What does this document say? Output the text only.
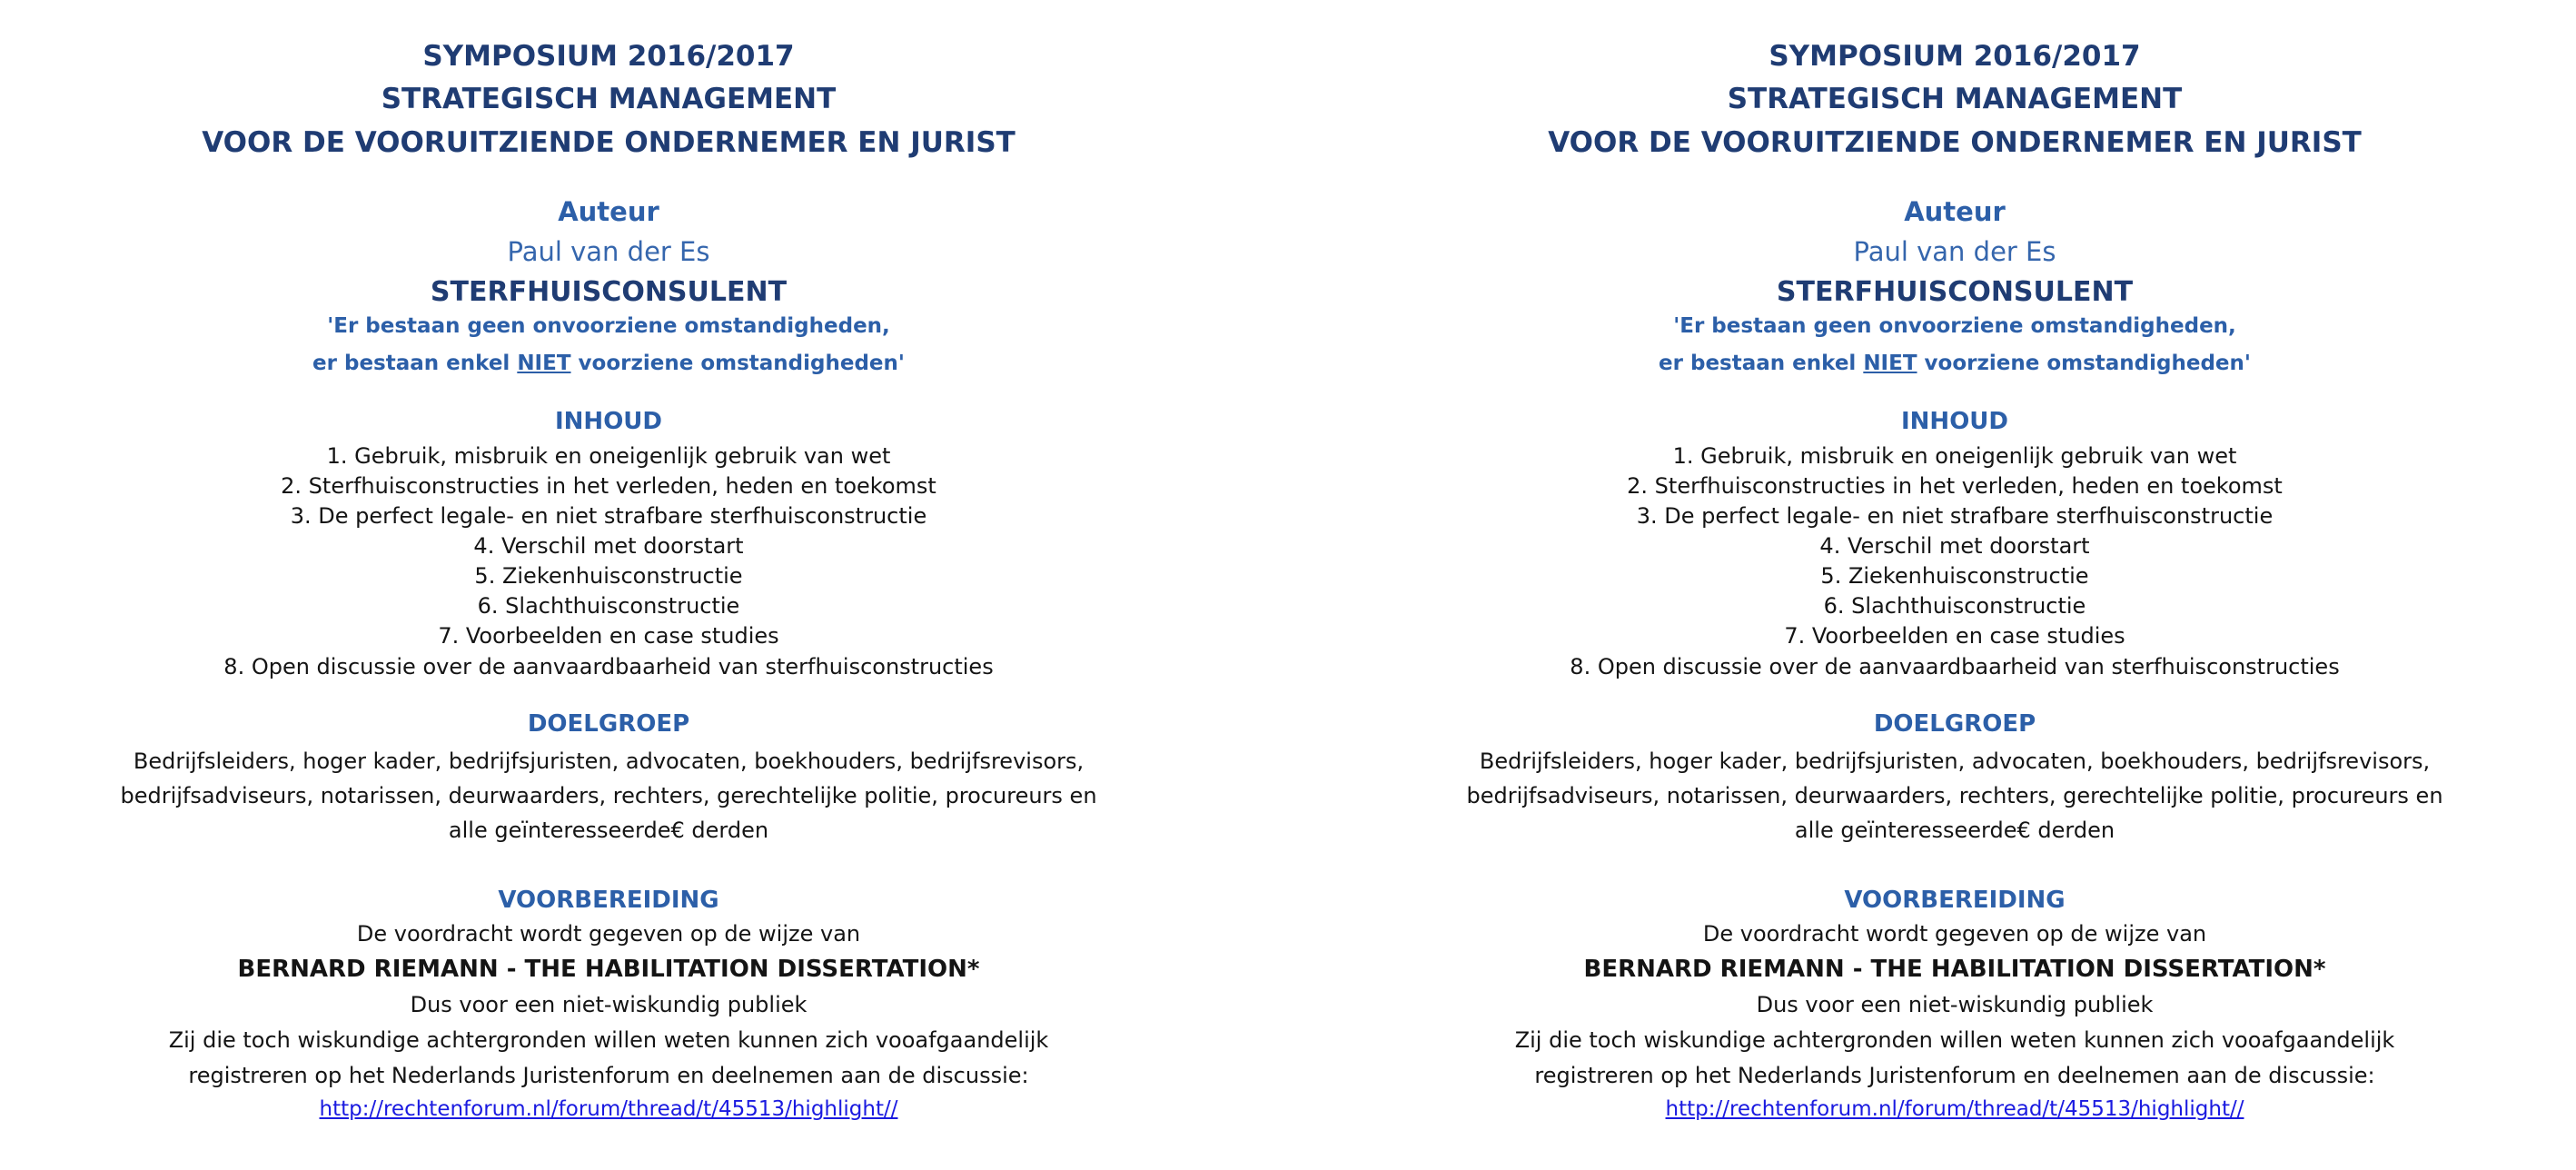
SYMPOSIUM 2016/2017
STRATEGISCH MANAGEMENT
VOOR DE VOORUITZIENDE ONDERNEMER EN JURIST
Auteur
Paul van der Es
STERFHUISCONSULENT
'Er bestaan geen onvoorziene omstandigheden,
er bestaan enkel NIET voorziene omstandigheden'
INHOUD
1. Gebruik, misbruik en oneigenlijk gebruik van wet
2. Sterfhuisconstructies in het verleden, heden en toekomst
3. De perfect legale- en niet strafbare sterfhuisconstructie
4. Verschil met doorstart
5. Ziekenhuisconstructie
6. Slachthuisconstructie
7. Voorbeelden en case studies
8. Open discussie over de aanvaardbaarheid van sterfhuisconstructies
DOELGROEP
Bedrijfsleiders, hoger kader, bedrijfsjuristen, advocaten, boekhouders, bedrijfsrevisors,
bedrijfsadviseurs, notarissen, deurwaarders, rechters, gerechtelijke politie, procureurs en
alle geïnteresseerde€ derden
VOORBEREIDING
De voordracht wordt gegeven op de wijze van
BERNARD RIEMANN - THE HABILITATION DISSERTATION*
Dus voor een niet-wiskundig publiek
Zij die toch wiskundige achtergronden willen weten kunnen zich vooafgaandelijk
registreren op het Nederlands Juristenforum en deelnemen aan de discussie:
http://rechtenforum.nl/forum/thread/t/45513/highlight//
SYMPOSIUM 2016/2017
STRATEGISCH MANAGEMENT
VOOR DE VOORUITZIENDE ONDERNEMER EN JURIST
Auteur
Paul van der Es
STERFHUISCONSULENT
'Er bestaan geen onvoorziene omstandigheden,
er bestaan enkel NIET voorziene omstandigheden'
INHOUD
1. Gebruik, misbruik en oneigenlijk gebruik van wet
2. Sterfhuisconstructies in het verleden, heden en toekomst
3. De perfect legale- en niet strafbare sterfhuisconstructie
4. Verschil met doorstart
5. Ziekenhuisconstructie
6. Slachthuisconstructie
7. Voorbeelden en case studies
8. Open discussie over de aanvaardbaarheid van sterfhuisconstructies
DOELGROEP
Bedrijfsleiders, hoger kader, bedrijfsjuristen, advocaten, boekhouders, bedrijfsrevisors,
bedrijfsadviseurs, notarissen, deurwaarders, rechters, gerechtelijke politie, procureurs en
alle geïnteresseerde€ derden
VOORBEREIDING
De voordracht wordt gegeven op de wijze van
BERNARD RIEMANN - THE HABILITATION DISSERTATION*
Dus voor een niet-wiskundig publiek
Zij die toch wiskundige achtergronden willen weten kunnen zich vooafgaandelijk
registreren op het Nederlands Juristenforum en deelnemen aan de discussie:
http://rechtenforum.nl/forum/thread/t/45513/highlight//
